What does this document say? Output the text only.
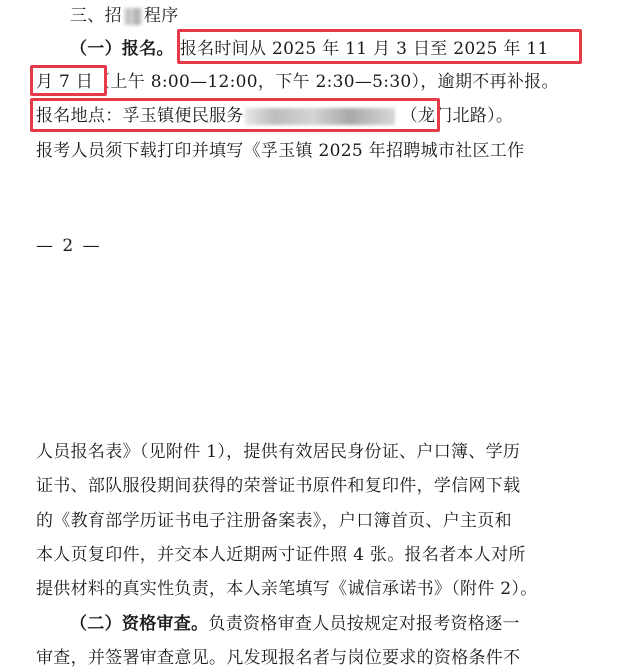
三、招 程序
（一）报名。 报名时间从 2025 年 11 月 3 日至 2025 年 11
月 7 日（上午 8:00—12:00，下午 2:30—5:30），逾期不再补报。
报名地点：孚玉镇便民服务	（龙门北路）。
报考人员须下载打印并填写《孚玉镇 2025 年招聘城市社区工作
— 2 —
人员报名表》（见附件 1），提供有效居民身份证、户口簿、学历
证书、部队服役期间获得的荣誉证书原件和复印件，学信网下载
的《教育部学历证书电子注册备案表》，户口簿首页、户主页和
本人页复印件，并交本人近期两寸证件照 4 张。报名者本人对所
提供材料的真实性负责，本人亲笔填写《诚信承诺书》（附件 2）。
（二）资格审查。负责资格审查人员按规定对报考资格逐一
审查，并签署审查意见。凡发现报名者与岗位要求的资格条件不
